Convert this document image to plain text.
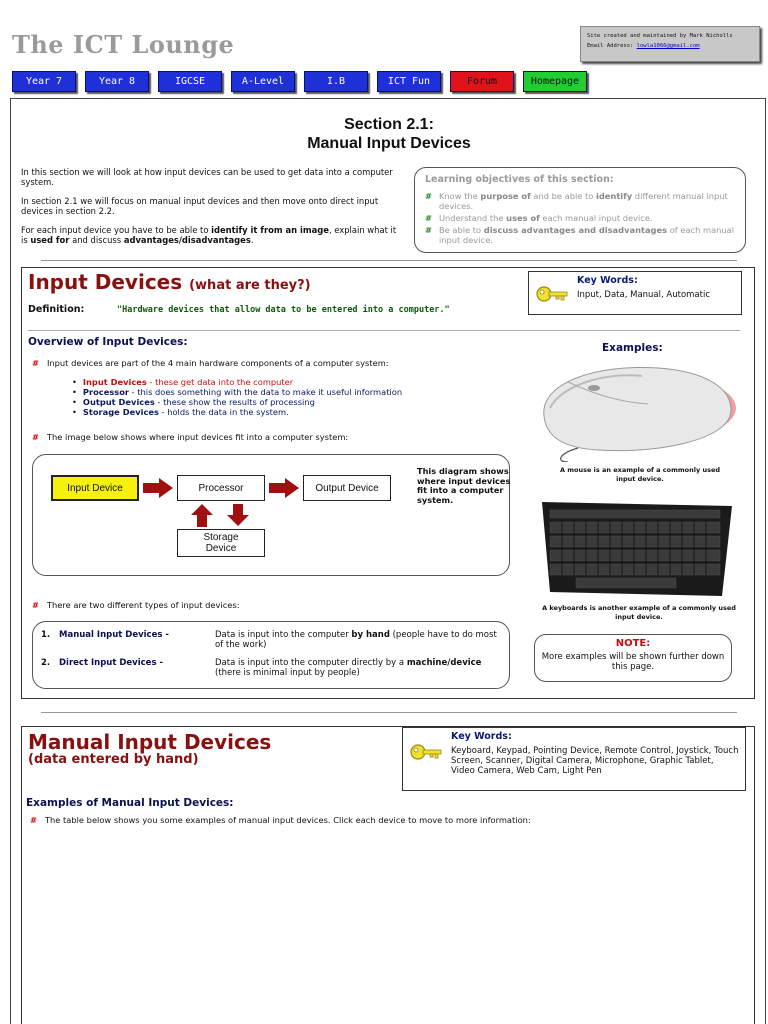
The ICT Lounge	Site created and maintained by Mark Nicholls
Email Address: lowla1066@gmail.com
Year 7	Year 8	IGCSE	A-Level	I.B	ICT Fun	Forum	Homepage
Section 2.1:
Manual Input Devices

In this section we will look at how input devices can be used to get data into a computer system.

In section 2.1 we will focus on manual input devices and then move onto direct input devices in section 2.2.

For each input device you have to be able to identify it from an image, explain what it is used for and discuss advantages/disadvantages.

Learning objectives of this section:
# Know the purpose of and be able to identify different manual input devices.
# Understand the uses of each manual input device.
# Be able to discuss advantages and disadvantages of each manual input device.
Input Devices (what are they?)
Definition:	"Hardware devices that allow data to be entered into a computer."
Key Words:
Input, Data, Manual, Automatic
Overview of Input Devices:
# Input devices are part of the 4 main hardware components of a computer system:
• Input Devices - these get data into the computer
• Processor - this does something with the data to make it useful information
• Output Devices - these show the results of processing
• Storage Devices - holds the data in the system.
# The image below shows where input devices fit into a computer system:
Input Device	Processor	Output Device
Storage
Device
This diagram shows where input devices fit into a computer system.
# There are two different types of input devices:
1.	Manual Input Devices -	Data is input into the computer by hand (people have to do most of the work)
2.	Direct Input Devices -	Data is input into the computer directly by a machine/device (there is minimal input by people)
Examples:
A mouse is an example of a commonly used input device.
A keyboards is another example of a commonly used input device.
NOTE:
More examples will be shown further down this page.
Manual Input Devices
(data entered by hand)
Key Words:
Keyboard, Keypad, Pointing Device, Remote Control, Joystick, Touch Screen, Scanner, Digital Camera, Microphone, Graphic Tablet, Video Camera, Web Cam, Light Pen
Examples of Manual Input Devices:
# The table below shows you some examples of manual input devices. Click each device to move to more information:
